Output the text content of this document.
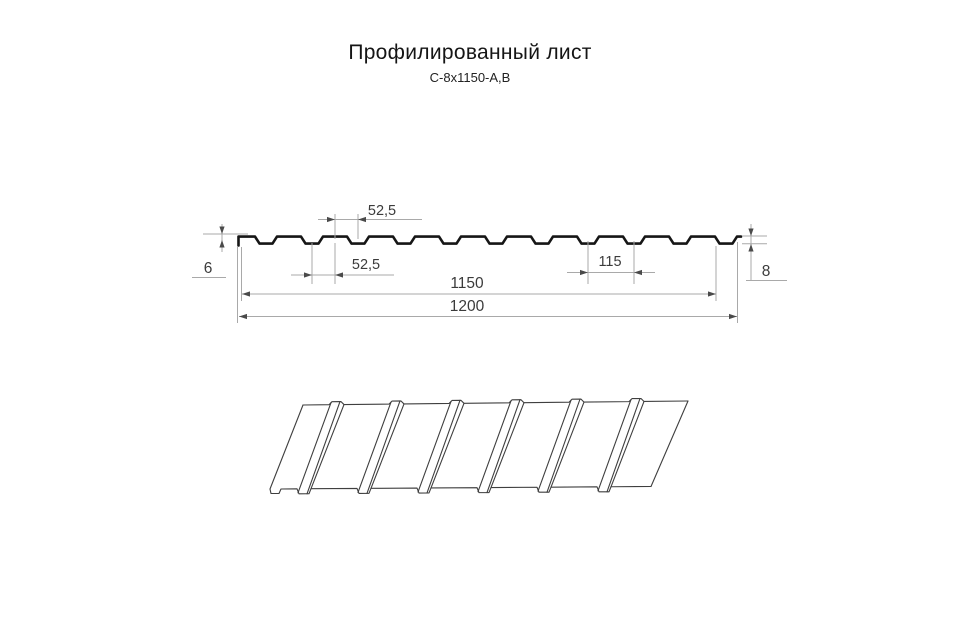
Профилированный лист
С-8х1150-А,В
6	8
52,5
52,5	115
1150
1200
